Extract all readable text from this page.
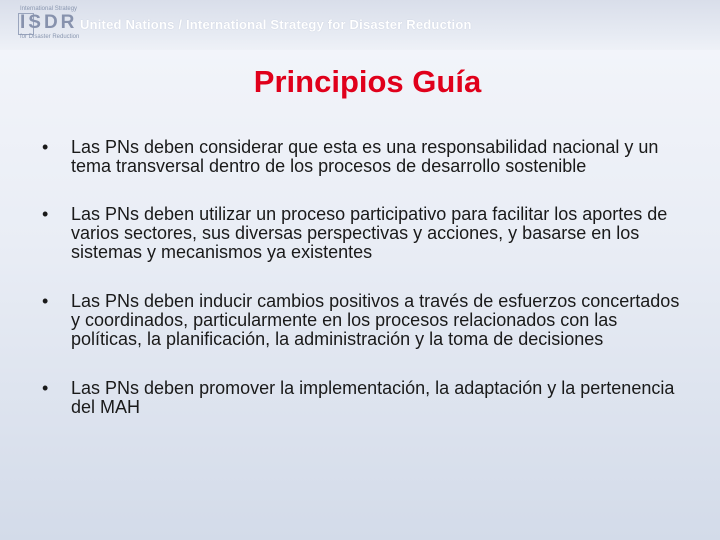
International Strategy
ISDR
for Disaster Reduction
United Nations / International Strategy for Disaster Reduction
Principios Guía
• Las PNs deben considerar que esta es una responsabilidad nacional y un tema transversal dentro de los procesos de desarrollo sostenible
• Las PNs deben utilizar un proceso participativo para facilitar los aportes de varios sectores, sus diversas perspectivas y acciones, y basarse en los sistemas y mecanismos ya existentes
• Las PNs deben inducir cambios positivos a través de esfuerzos concertados y coordinados, particularmente en los procesos relacionados con las políticas, la planificación, la administración y la toma de decisiones
• Las PNs deben promover la implementación, la adaptación y la pertenencia del MAH
